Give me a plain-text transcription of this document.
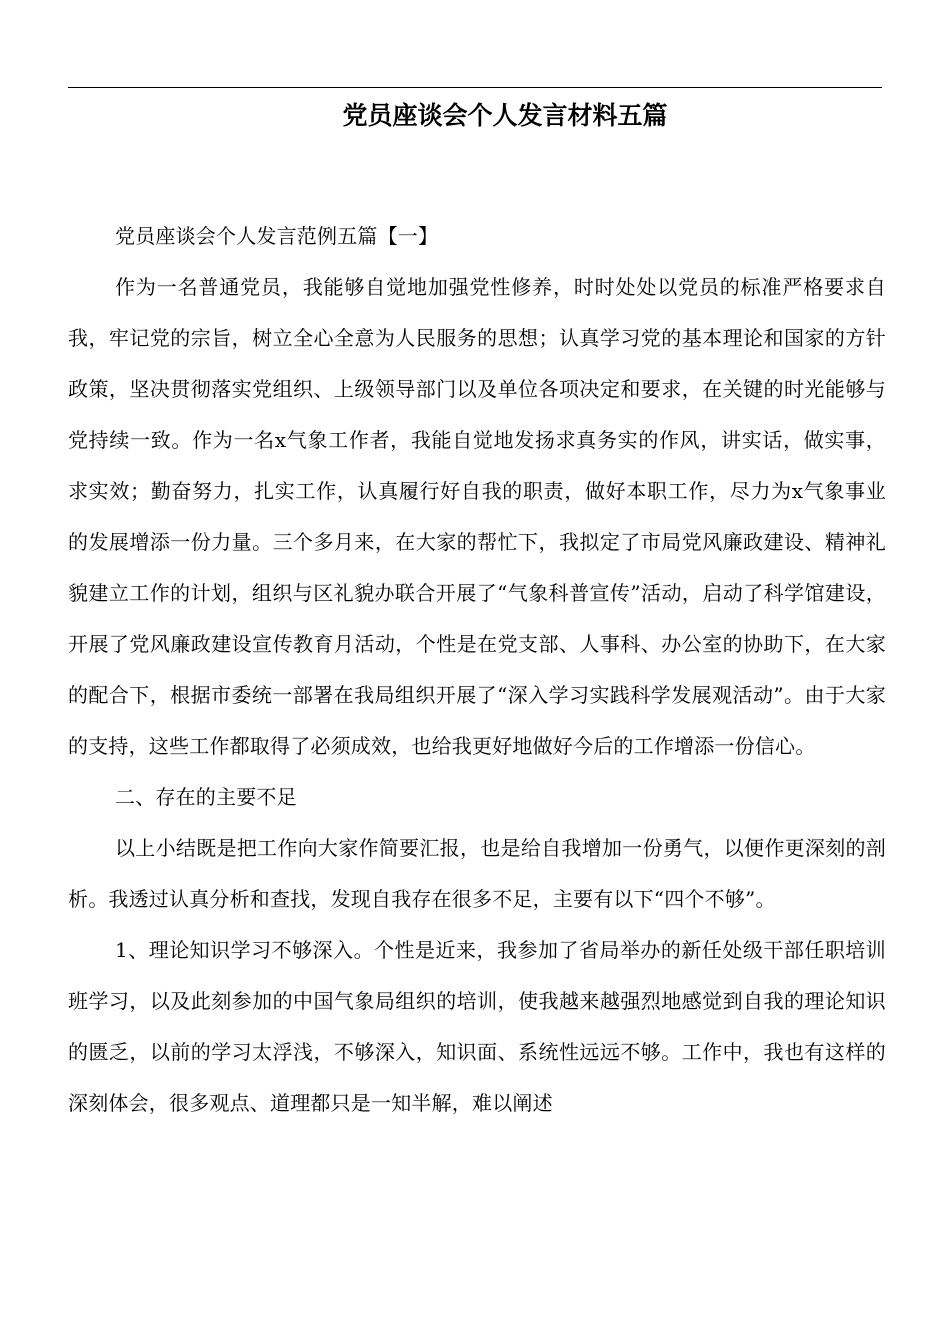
党员座谈会个人发言材料五篇

党员座谈会个人发言范例五篇【一】

作为一名普通党员，我能够自觉地加强党性修养，时时处处以党员的标准严格要求自我，牢记党的宗旨，树立全心全意为人民服务的思想；认真学习党的基本理论和国家的方针政策，坚决贯彻落实党组织、上级领导部门以及单位各项决定和要求，在关键的时光能够与党持续一致。作为一名x气象工作者，我能自觉地发扬求真务实的作风，讲实话，做实事，求实效；勤奋努力，扎实工作，认真履行好自我的职责，做好本职工作，尽力为x气象事业的发展增添一份力量。三个多月来，在大家的帮忙下，我拟定了市局党风廉政建设、精神礼貌建立工作的计划，组织与区礼貌办联合开展了“气象科普宣传”活动，启动了科学馆建设，开展了党风廉政建设宣传教育月活动，个性是在党支部、人事科、办公室的协助下，在大家的配合下，根据市委统一部署在我局组织开展了“深入学习实践科学发展观活动”。由于大家的支持，这些工作都取得了必须成效，也给我更好地做好今后的工作增添一份信心。

二、存在的主要不足

以上小结既是把工作向大家作简要汇报，也是给自我增加一份勇气，以便作更深刻的剖析。我透过认真分析和查找，发现自我存在很多不足，主要有以下“四个不够”。

1、理论知识学习不够深入。个性是近来，我参加了省局举办的新任处级干部任职培训班学习，以及此刻参加的中国气象局组织的培训，使我越来越强烈地感觉到自我的理论知识的匮乏，以前的学习太浮浅，不够深入，知识面、系统性远远不够。工作中，我也有这样的深刻体会，很多观点、道理都只是一知半解，难以阐述
